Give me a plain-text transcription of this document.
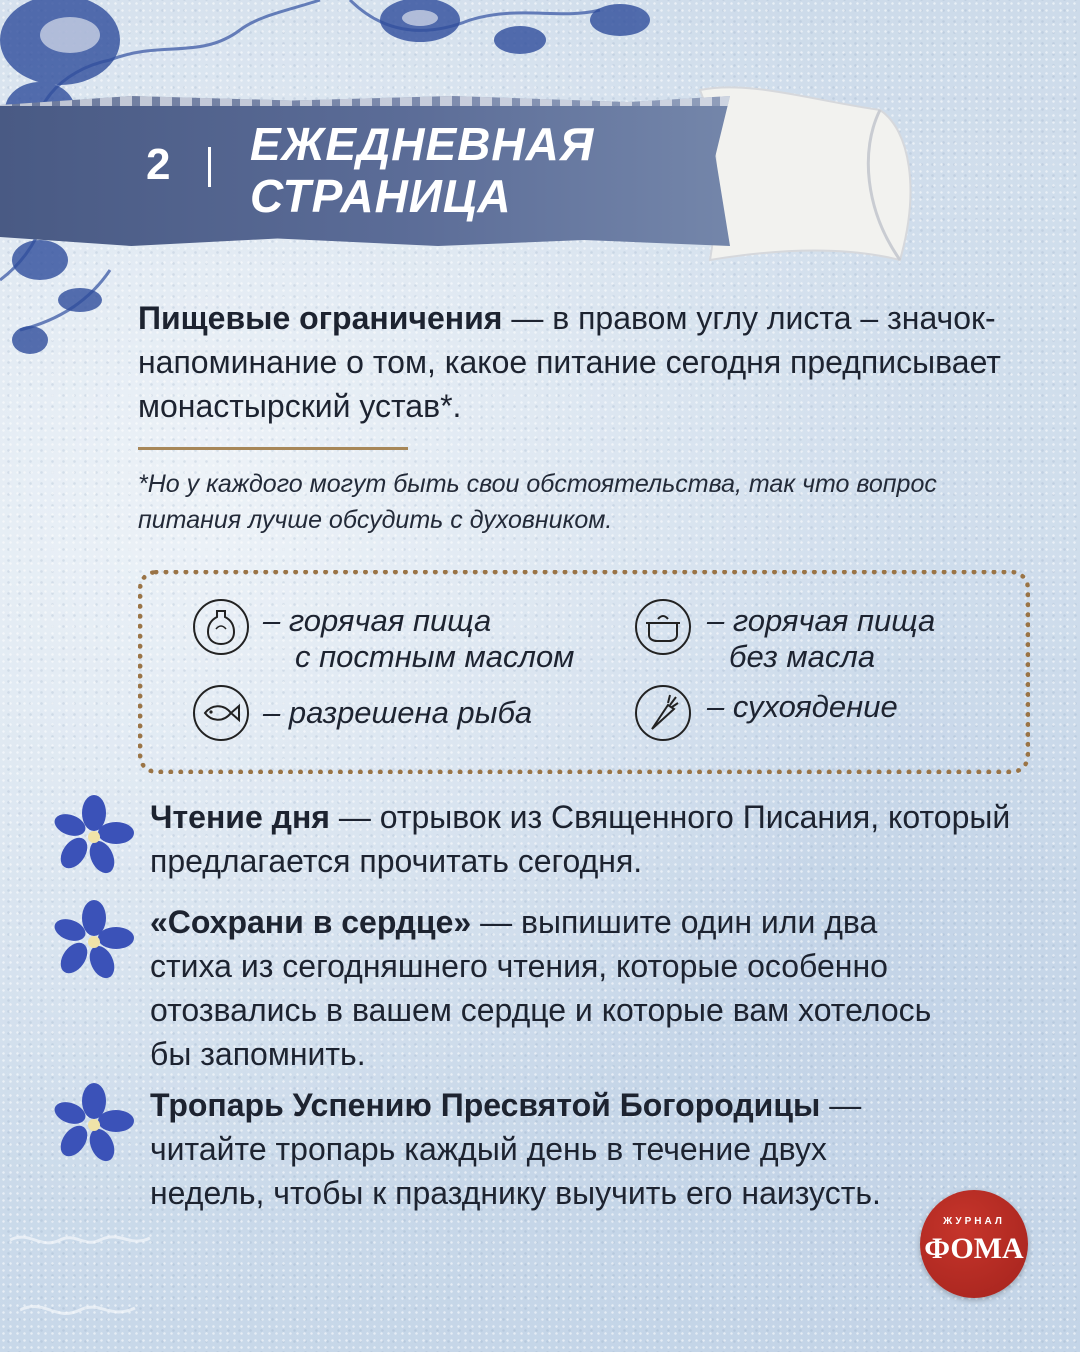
2 ЕЖЕДНЕВНАЯ
СТРАНИЦА

Пищевые ограничения — в правом углу листа – значок-напоминание о том, какое питание сегодня предписывает монастырский устав*.

*Но у каждого могут быть свои обстоятельства, так что вопрос питания лучше обсудить с духовником.

– горячая пища
с постным маслом
– горячая пища
без масла
– разрешена рыба	– сухоядение

Чтение дня — отрывок из Священного Писания, который предлагается прочитать сегодня.

«Сохрани в сердце» — выпишите один или два стиха из сегодняшнего чтения, которые особенно отозвались в вашем сердце и которые вам хотелось бы запомнить.

Тропарь Успению Пресвятой Богородицы — читайте тропарь каждый день в течение двух недель, чтобы к празднику выучить его наизусть.

ЖУРНАЛ
ФОМА
